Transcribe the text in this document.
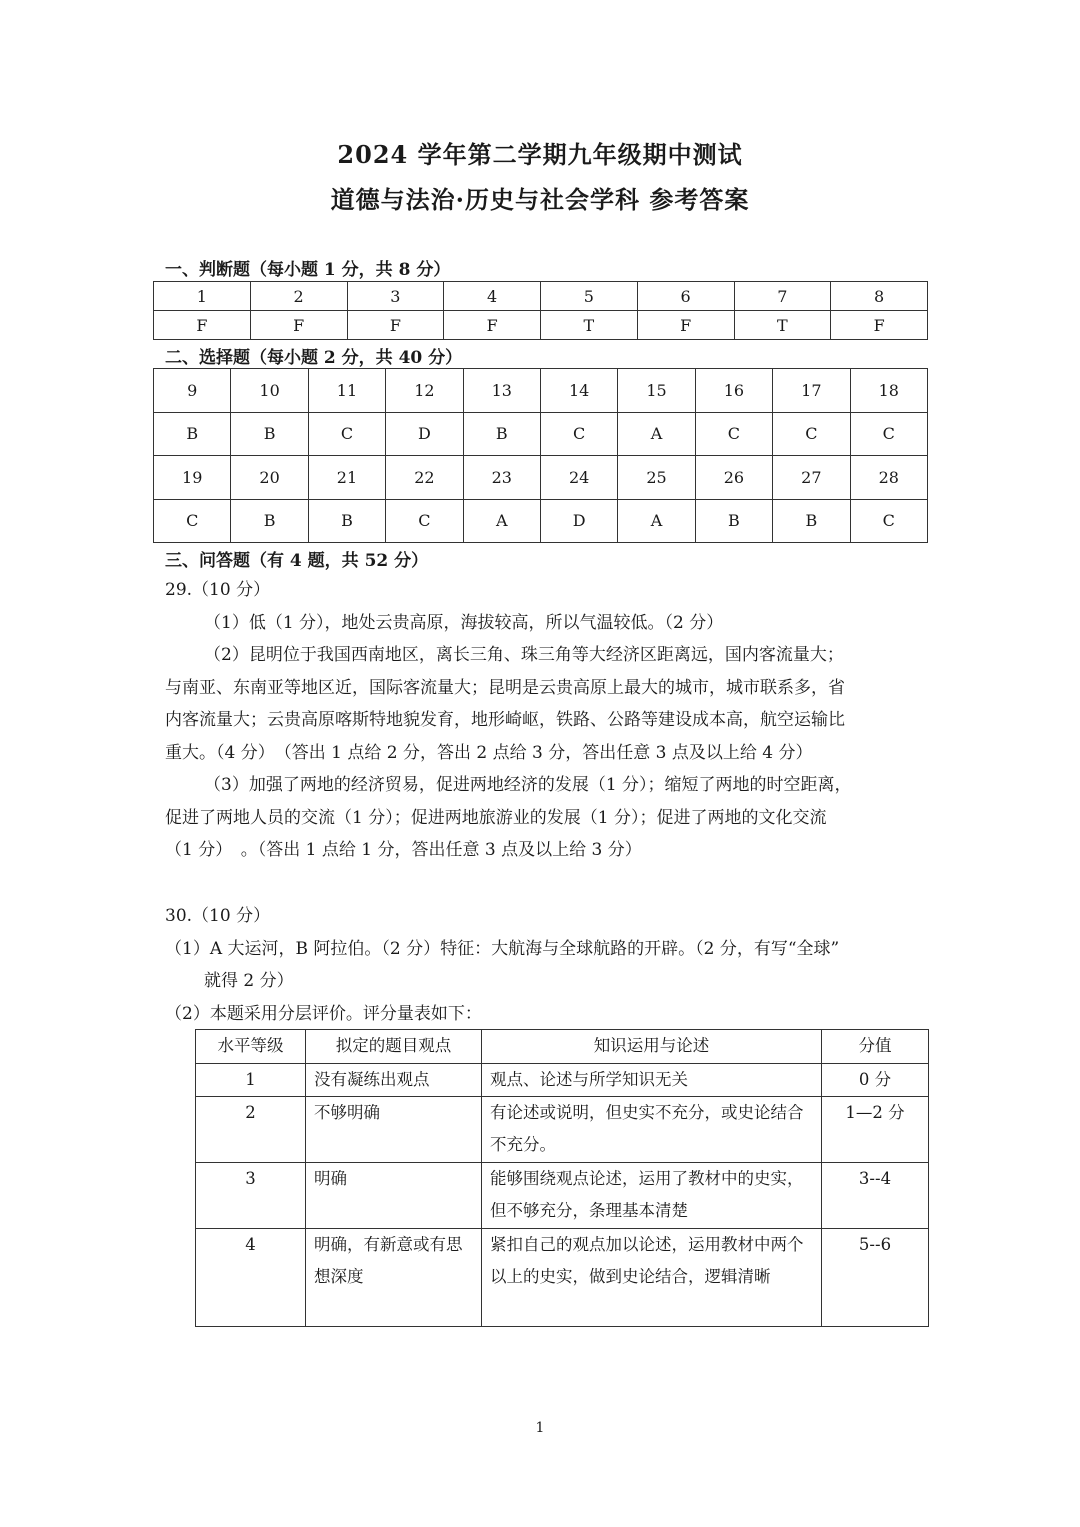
2024 学年第二学期九年级期中测试
道德与法治·历史与社会学科 参考答案
一、判断题（每小题 1 分，共 8 分）
1	2	3	4	5	6	7	8
F	F	F	F	T	F	T	F
二、选择题（每小题 2 分，共 40 分）
9	10	11	12	13	14	15	16	17	18
B	B	C	D	B	C	A	C	C	C
19	20	21	22	23	24	25	26	27	28
C	B	B	C	A	D	A	B	B	C
三、问答题（有 4 题，共 52 分）
29.（10 分）
（1）低（1 分），地处云贵高原，海拔较高，所以气温较低。（2 分）
（2）昆明位于我国西南地区，离长三角、珠三角等大经济区距离远，国内客流量大；
与南亚、东南亚等地区近，国际客流量大；昆明是云贵高原上最大的城市，城市联系多，省
内客流量大；云贵高原喀斯特地貌发育，地形崎岖，铁路、公路等建设成本高，航空运输比
重大。（4 分）　（答出 1 点给 2 分，答出 2 点给 3 分，答出任意 3 点及以上给 4 分）
（3）加强了两地的经济贸易，促进两地经济的发展（1 分）；缩短了两地的时空距离，
促进了两地人员的交流（1 分）；促进两地旅游业的发展（1 分）；促进了两地的文化交流
（1 分）　。（答出 1 点给 1 分，答出任意 3 点及以上给 3 分）
30.（10 分）
（1）A 大运河，B 阿拉伯。（2 分）特征：大航海与全球航路的开辟。（2 分，有写“全球”
就得 2 分）
（2）本题采用分层评价。评分量表如下：
水平等级	拟定的题目观点	知识运用与论述	分值
1	没有凝练出观点	观点、论述与所学知识无关	0 分
2	不够明确	有论述或说明，但史实不充分，或史论结合不充分。	1—2 分
3	明确	能够围绕观点论述，运用了教材中的史实，但不够充分，条理基本清楚	3--4
4	明确，有新意或有思想深度	紧扣自己的观点加以论述，运用教材中两个以上的史实，做到史论结合，逻辑清晰	5--6
1
